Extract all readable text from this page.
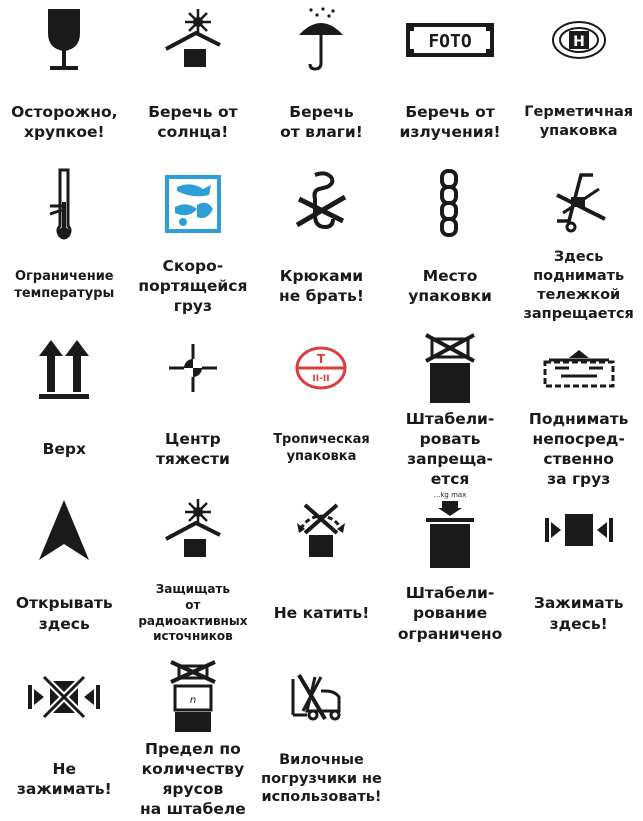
Осторожно,
хрупкое!
Беречь от
солнца!
Беречь
от влаги!
FOTO
Беречь от
излучения!
H
Герметичная
упаковка
Ограничение
температуры
Скоро-
портящейся
груз
Крюками
не брать!
Место
упаковки
Здесь
поднимать
тележкой
запрещается
Верх
Центр
тяжести
T
II-II
Тропическая
упаковка
Штабели-
ровать
запреща-
ется
Поднимать
непосред-
ственно
за груз
Открывать
здесь
Защищать
от
радиоактивных
источников
Не катить!
...kg max
Штабели-
рование
ограничено
Зажимать
здесь!
Не
зажимать!
n
Предел по
количеству
ярусов
на штабеле
Вилочные
погрузчики не
использовать!
